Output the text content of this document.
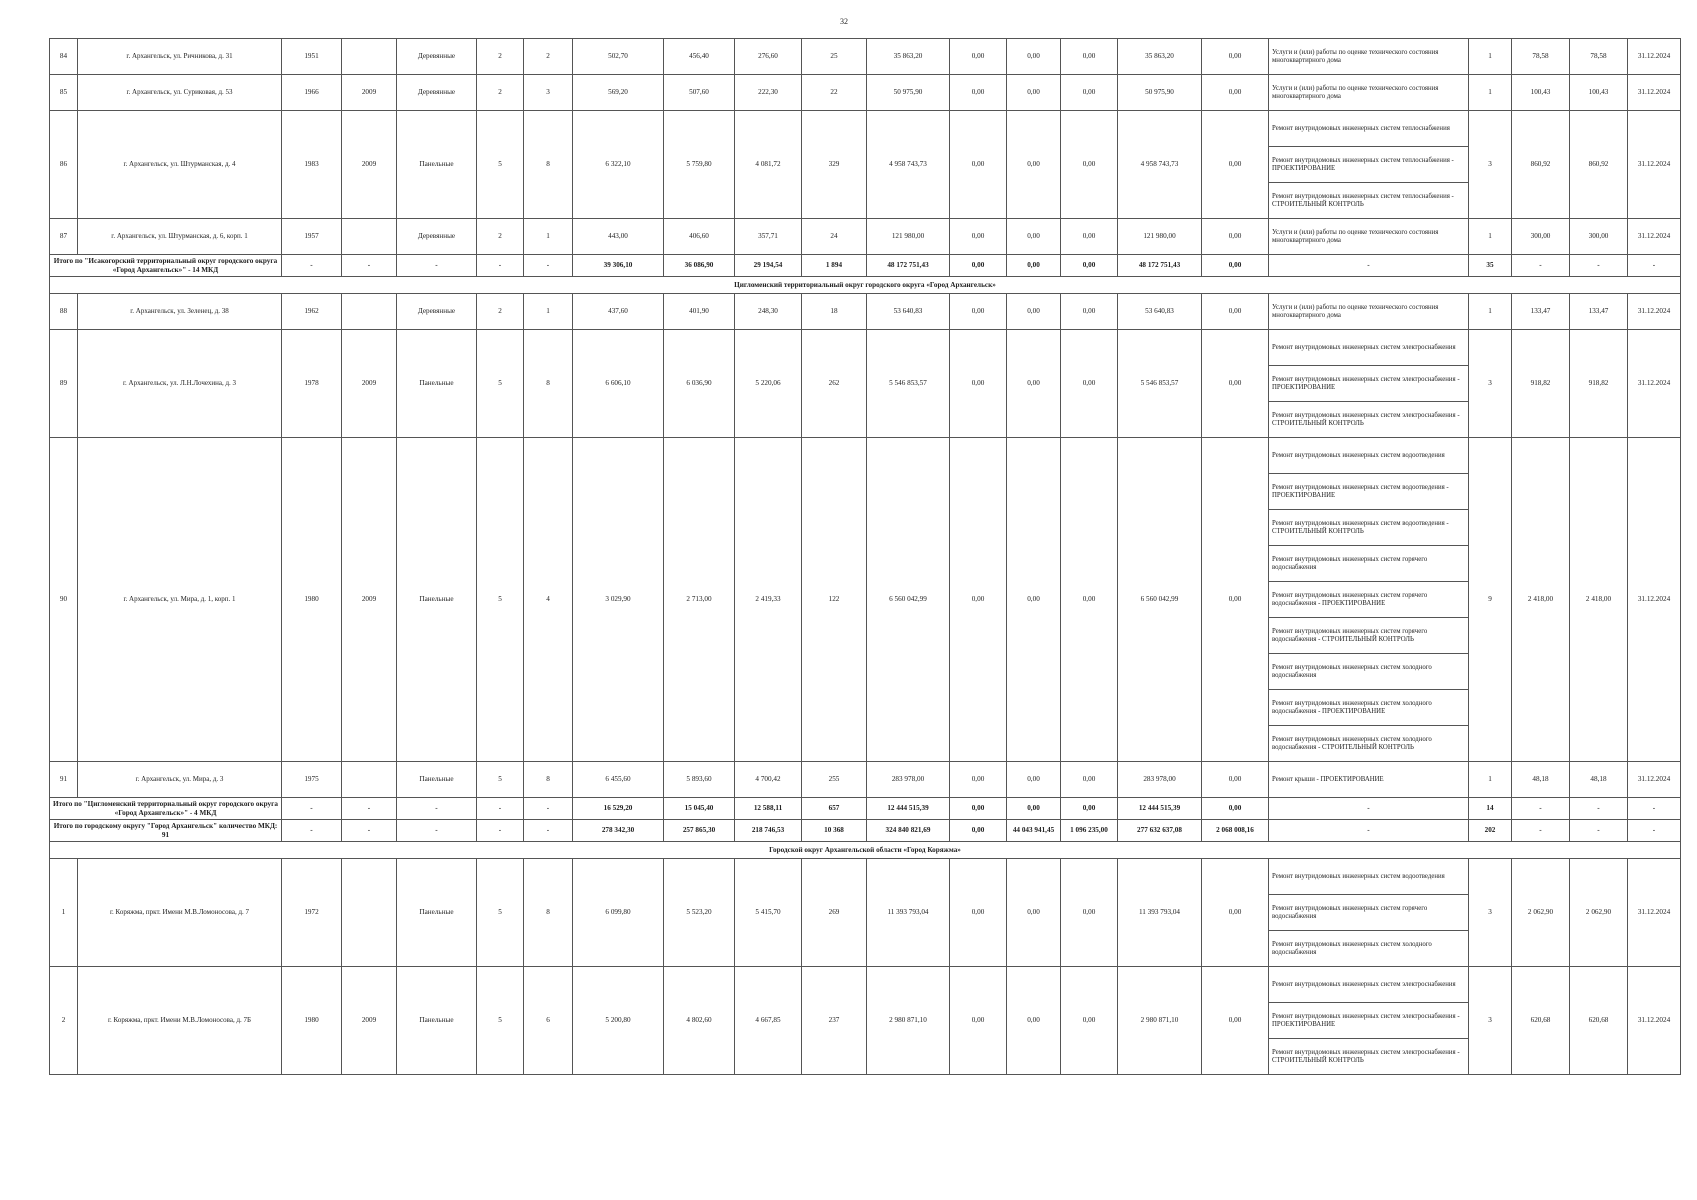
32
84	г. Архангельск, ул. Ричникова, д. 31	1951		Деревянные	2	2	502,70	456,40	276,60	25	35 863,20	0,00	0,00	0,00	35 863,20	0,00	Услуги и (или) работы по оценке технического состояния многоквартирного дома	1	78,58	78,58	31.12.2024
85	г. Архангельск, ул. Суриковая, д. 53	1966	2009	Деревянные	2	3	569,20	507,60	222,30	22	50 975,90	0,00	0,00	0,00	50 975,90	0,00	Услуги и (или) работы по оценке технического состояния многоквартирного дома	1	100,43	100,43	31.12.2024
86	г. Архангельск, ул. Штурманская, д. 4	1983	2009	Панельные	5	8	6 322,10	5 759,80	4 081,72	329	4 958 743,73	0,00	0,00	0,00	4 958 743,73	0,00	Ремонт внутридомовых инженерных систем теплоснабжения	3	860,92	860,92	31.12.2024
																	Ремонт внутридомовых инженерных систем теплоснабжения - ПРОЕКТИРОВАНИЕ				
																	Ремонт внутридомовых инженерных систем теплоснабжения - СТРОИТЕЛЬНЫЙ КОНТРОЛЬ				
87	г. Архангельск, ул. Штурманская, д. 6, корп. 1	1957		Деревянные	2	1	443,00	406,60	357,71	24	121 980,00	0,00	0,00	0,00	121 980,00	0,00	Услуги и (или) работы по оценке технического состояния многоквартирного дома	1	300,00	300,00	31.12.2024
Итого по "Исакогорский территориальный округ городского округа «Город Архангельск»" - 14 МКД		-	-	-	-	-	39 306,10	36 086,90	29 194,54	1 894	48 172 751,43	0,00	0,00	0,00	48 172 751,43	0,00	-	35	-	-	-
Цигломенский территориальный округ городского округа «Город Архангельск»																					
88	г. Архангельск, ул. Зеленец, д. 38	1962		Деревянные	2	1	437,60	401,90	248,30	18	53 640,83	0,00	0,00	0,00	53 640,83	0,00	Услуги и (или) работы по оценке технического состояния многоквартирного дома	1	133,47	133,47	31.12.2024
89	г. Архангельск, ул. Л.Н.Лочехина, д. 3	1978	2009	Панельные	5	8	6 606,10	6 036,90	5 220,06	262	5 546 853,57	0,00	0,00	0,00	5 546 853,57	0,00	Ремонт внутридомовых инженерных систем электроснабжения	3	918,82	918,82	31.12.2024
																	Ремонт внутридомовых инженерных систем электроснабжения - ПРОЕКТИРОВАНИЕ				
																	Ремонт внутридомовых инженерных систем электроснабжения - СТРОИТЕЛЬНЫЙ КОНТРОЛЬ				
90	г. Архангельск, ул. Мира, д. 1, корп. 1	1980	2009	Панельные	5	4	3 029,90	2 713,00	2 419,33	122	6 560 042,99	0,00	0,00	0,00	6 560 042,99	0,00	Ремонт внутридомовых инженерных систем водоотведения	9	2 418,00	2 418,00	31.12.2024
																	Ремонт внутридомовых инженерных систем водоотведения - ПРОЕКТИРОВАНИЕ				
																	Ремонт внутридомовых инженерных систем водоотведения - СТРОИТЕЛЬНЫЙ КОНТРОЛЬ				
																	Ремонт внутридомовых инженерных систем горячего водоснабжения				
																	Ремонт внутридомовых инженерных систем горячего водоснабжения - ПРОЕКТИРОВАНИЕ				
																	Ремонт внутридомовых инженерных систем горячего водоснабжения - СТРОИТЕЛЬНЫЙ КОНТРОЛЬ				
																	Ремонт внутридомовых инженерных систем холодного водоснабжения				
																	Ремонт внутридомовых инженерных систем холодного водоснабжения - ПРОЕКТИРОВАНИЕ				
																	Ремонт внутридомовых инженерных систем холодного водоснабжения - СТРОИТЕЛЬНЫЙ КОНТРОЛЬ				
91	г. Архангельск, ул. Мира, д. 3	1975		Панельные	5	8	6 455,60	5 893,60	4 700,42	255	283 978,00	0,00	0,00	0,00	283 978,00	0,00	Ремонт крыши - ПРОЕКТИРОВАНИЕ	1	48,18	48,18	31.12.2024
Итого по "Цигломенский территориальный округ городского округа «Город Архангельск»" - 4 МКД		-	-	-	-	-	16 529,20	15 045,40	12 588,11	657	12 444 515,39	0,00	0,00	0,00	12 444 515,39	0,00	-	14	-	-	-
Итого по городскому округу "Город Архангельск" количество МКД: 91		-	-	-	-	-	278 342,30	257 865,30	218 746,53	10 368	324 840 821,69	0,00	44 043 941,45	1 096 235,00	277 632 637,08	2 068 008,16	-	202	-	-	-
Городской округ Архангельской области «Город Коряжма»																					
1	г. Коряжма, пркт. Имени М.В.Ломоносова, д. 7	1972		Панельные	5	8	6 099,80	5 523,20	5 415,70	269	11 393 793,04	0,00	0,00	0,00	11 393 793,04	0,00	Ремонт внутридомовых инженерных систем водоотведения	3	2 062,90	2 062,90	31.12.2024
																	Ремонт внутридомовых инженерных систем горячего водоснабжения				
																	Ремонт внутридомовых инженерных систем холодного водоснабжения				
2	г. Коряжма, пркт. Имени М.В.Ломоносова, д. 7Б	1980	2009	Панельные	5	6	5 200,80	4 802,60	4 667,85	237	2 980 871,10	0,00	0,00	0,00	2 980 871,10	0,00	Ремонт внутридомовых инженерных систем электроснабжения	3	620,68	620,68	31.12.2024
																	Ремонт внутридомовых инженерных систем электроснабжения - ПРОЕКТИРОВАНИЕ				
																	Ремонт внутридомовых инженерных систем электроснабжения - СТРОИТЕЛЬНЫЙ КОНТРОЛЬ				
